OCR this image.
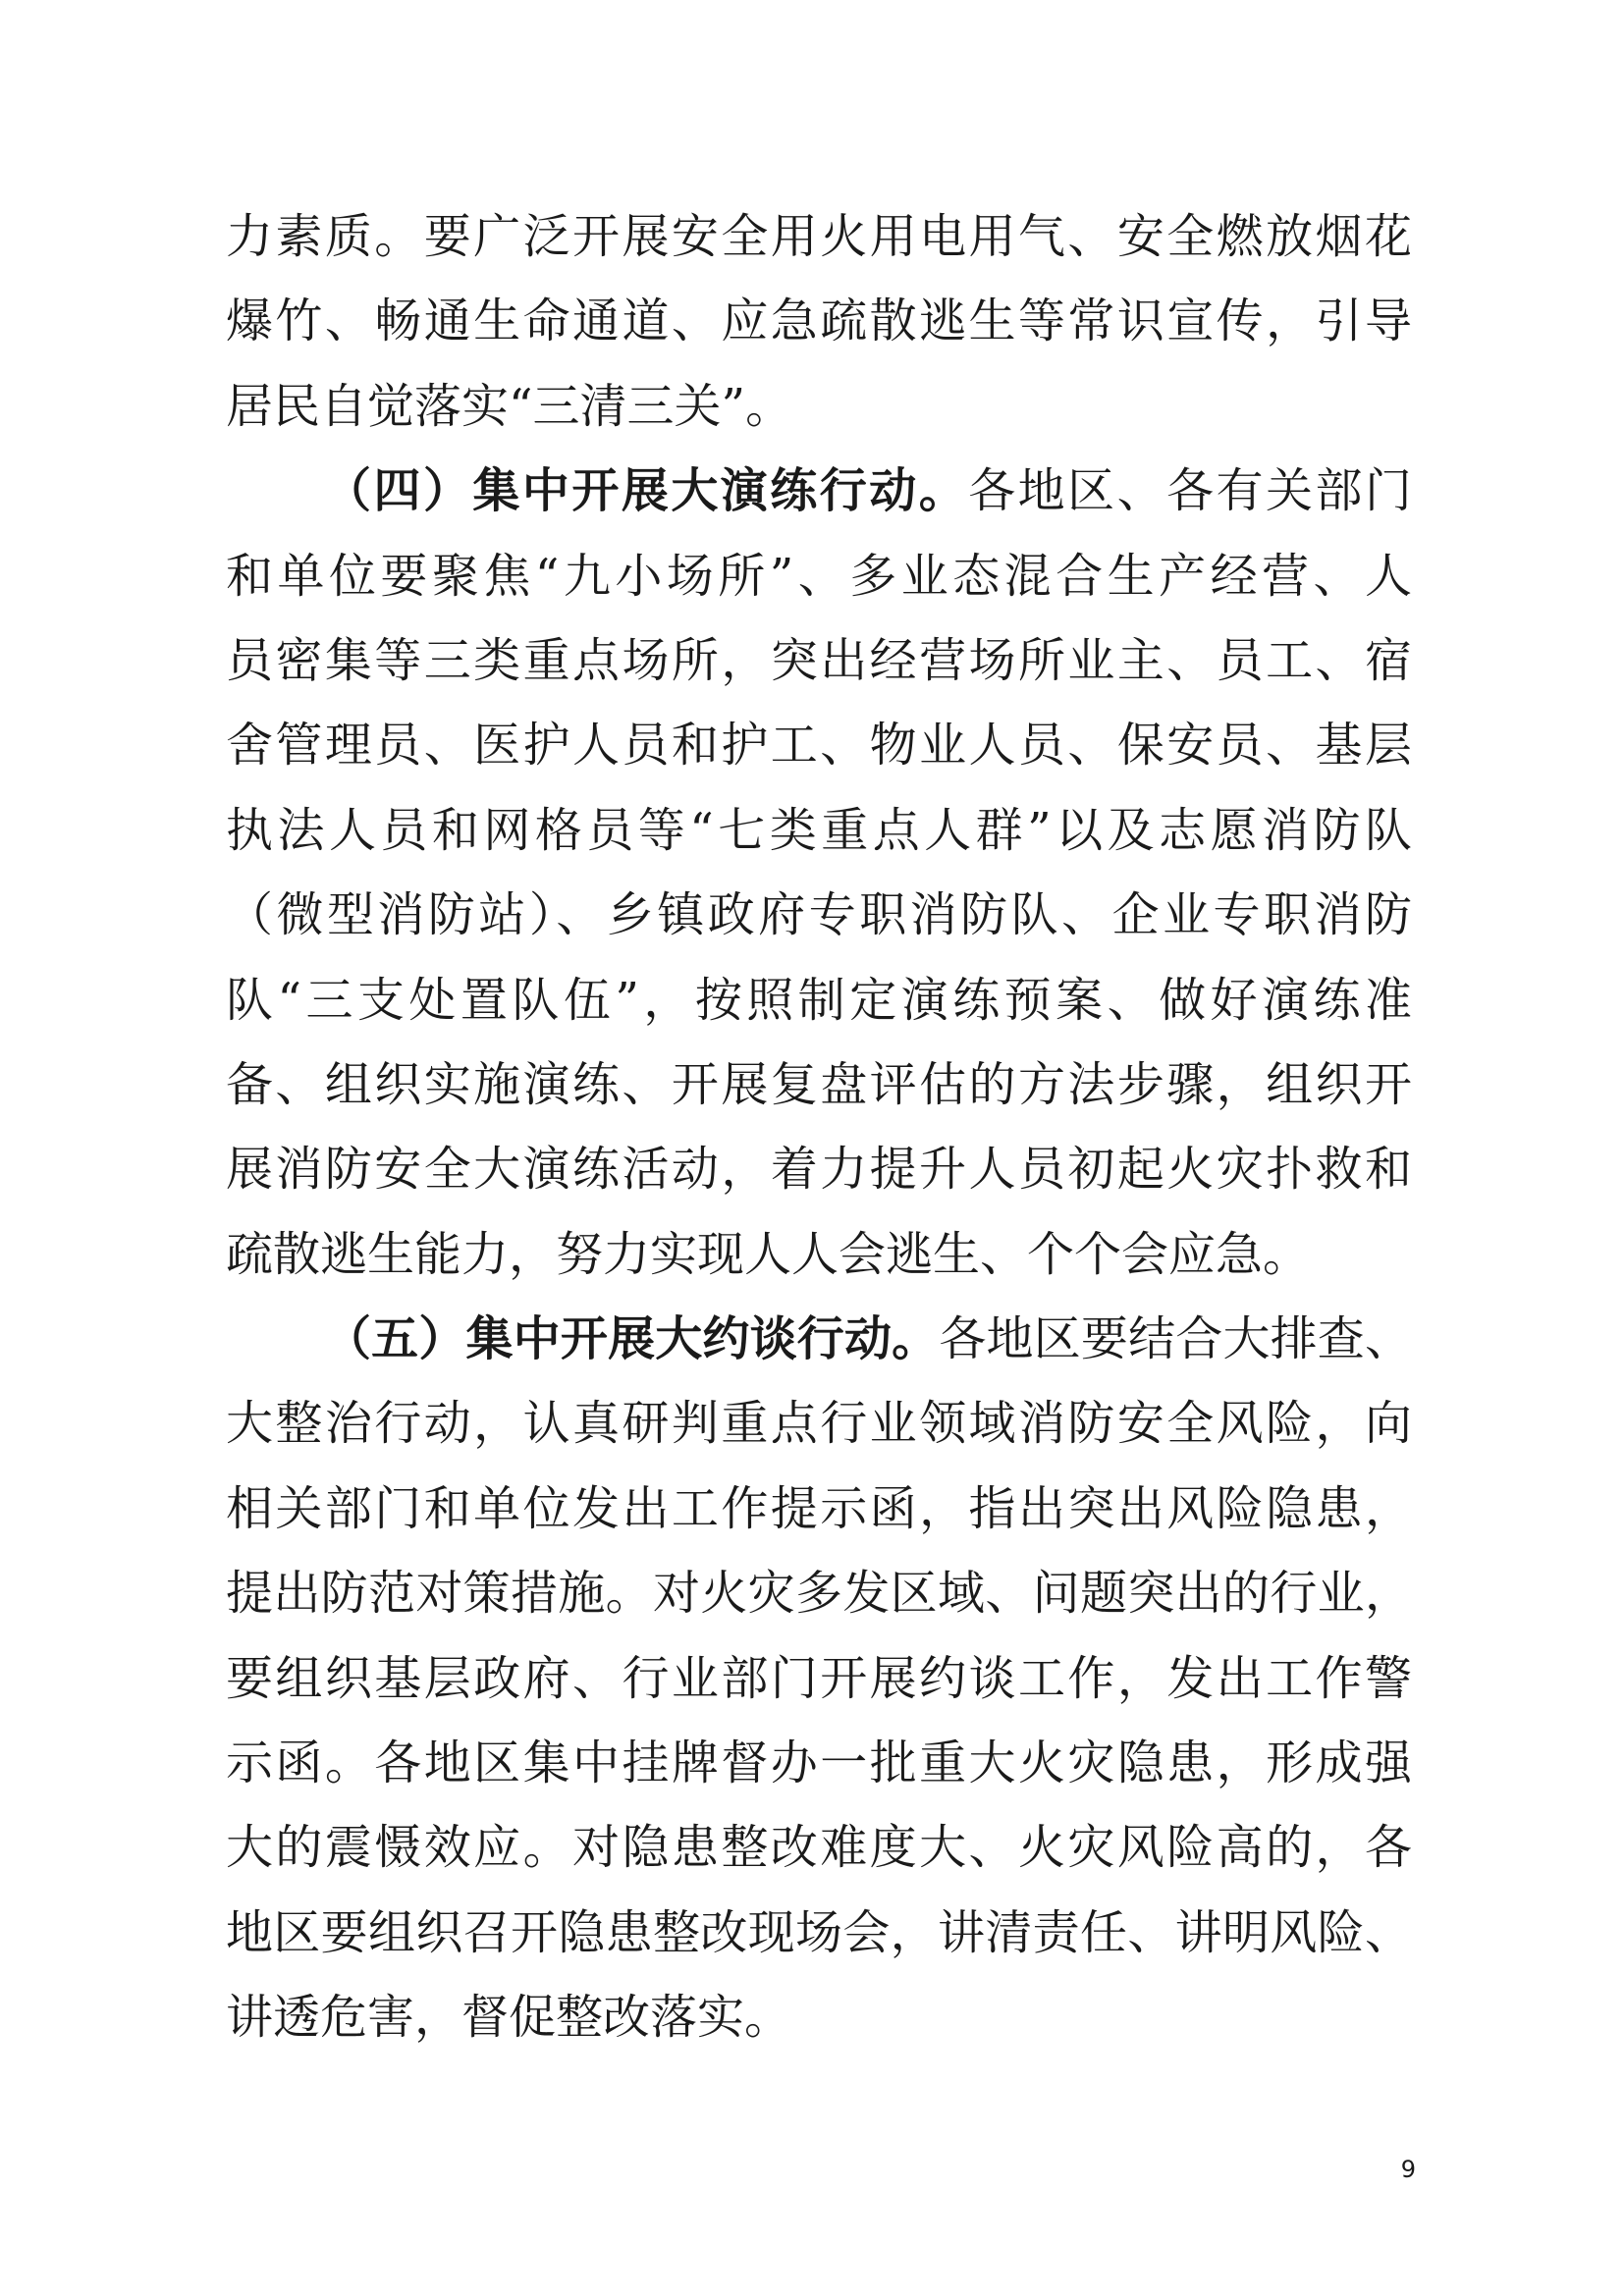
力素质。要广泛开展安全用火用电用气、安全燃放烟花
爆竹、畅通生命通道、应急疏散逃生等常识宣传，引导
居民自觉落实“三清三关”。
（四）集中开展大演练行动。各地区、各有关部门
和单位要聚焦“九小场所”、多业态混合生产经营、人
员密集等三类重点场所，突出经营场所业主、员工、宿
舍管理员、医护人员和护工、物业人员、保安员、基层
执法人员和网格员等“七类重点人群”以及志愿消防队
（微型消防站）、乡镇政府专职消防队、企业专职消防
队“三支处置队伍”，按照制定演练预案、做好演练准
备、组织实施演练、开展复盘评估的方法步骤，组织开
展消防安全大演练活动，着力提升人员初起火灾扑救和
疏散逃生能力，努力实现人人会逃生、个个会应急。
（五）集中开展大约谈行动。各地区要结合大排查、
大整治行动，认真研判重点行业领域消防安全风险，向
相关部门和单位发出工作提示函，指出突出风险隐患，
提出防范对策措施。对火灾多发区域、问题突出的行业，
要组织基层政府、行业部门开展约谈工作，发出工作警
示函。各地区集中挂牌督办一批重大火灾隐患，形成强
大的震慑效应。对隐患整改难度大、火灾风险高的，各
地区要组织召开隐患整改现场会，讲清责任、讲明风险、
讲透危害，督促整改落实。
9
